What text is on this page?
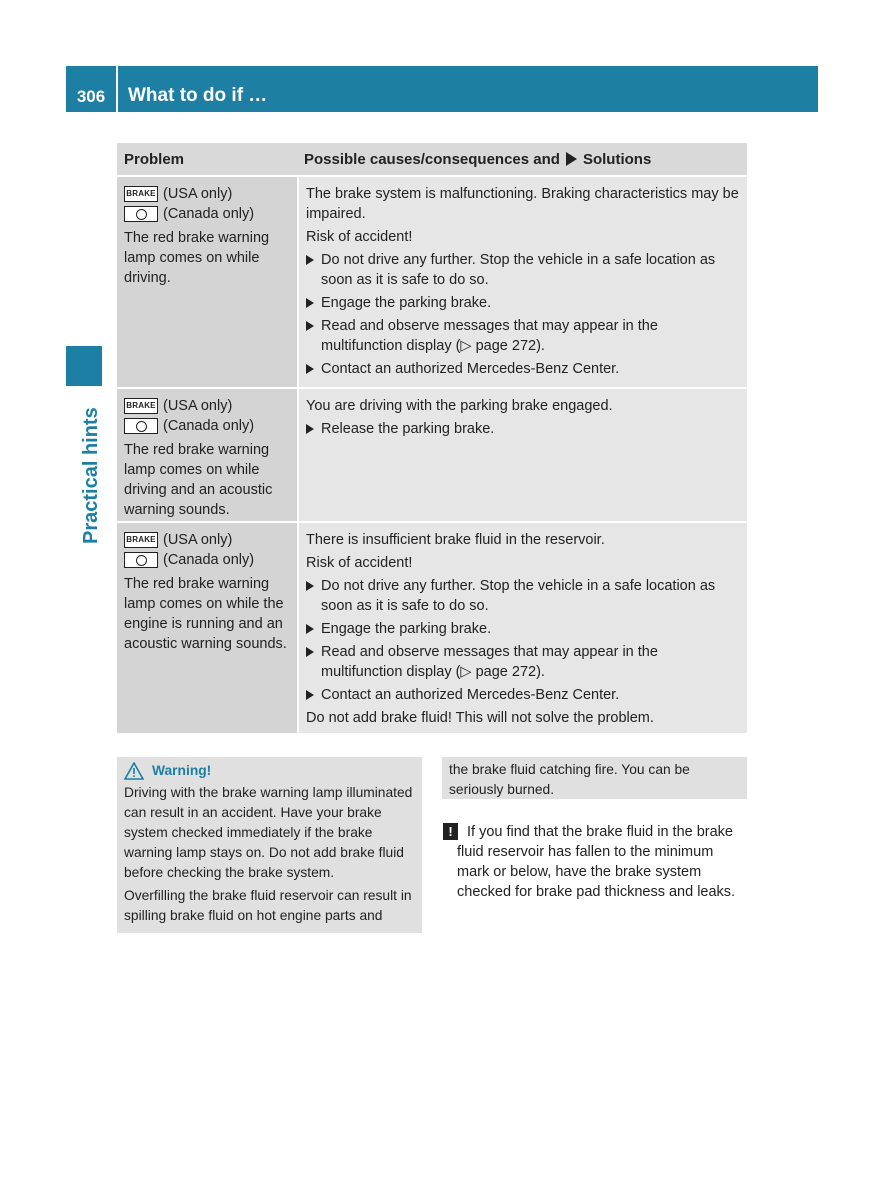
306	What to do if …
Practical hints
Problem	Possible causes/consequences and Solutions
BRAKE (USA only)
(Canada only)
The red brake warning lamp comes on while driving.
The brake system is malfunctioning. Braking characteristics may be impaired.
Risk of accident!
Do not drive any further. Stop the vehicle in a safe location as soon as it is safe to do so.
Engage the parking brake.
Read and observe messages that may appear in the multifunction display (▷ page 272).
Contact an authorized Mercedes-Benz Center.
BRAKE (USA only)
(Canada only)
The red brake warning lamp comes on while driving and an acoustic warning sounds.
You are driving with the parking brake engaged.
Release the parking brake.
BRAKE (USA only)
(Canada only)
The red brake warning lamp comes on while the engine is running and an acoustic warning sounds.
There is insufficient brake fluid in the reservoir.
Risk of accident!
Do not drive any further. Stop the vehicle in a safe location as soon as it is safe to do so.
Engage the parking brake.
Read and observe messages that may appear in the multifunction display (▷ page 272).
Contact an authorized Mercedes-Benz Center.
Do not add brake fluid! This will not solve the problem.
Warning!

Driving with the brake warning lamp illuminated can result in an accident. Have your brake system checked immediately if the brake warning lamp stays on. Do not add brake fluid before checking the brake system.

Overfilling the brake fluid reservoir can result in spilling brake fluid on hot engine parts and

the brake fluid catching fire. You can be seriously burned.
! If you find that the brake fluid in the brake fluid reservoir has fallen to the minimum mark or below, have the brake system checked for brake pad thickness and leaks.
